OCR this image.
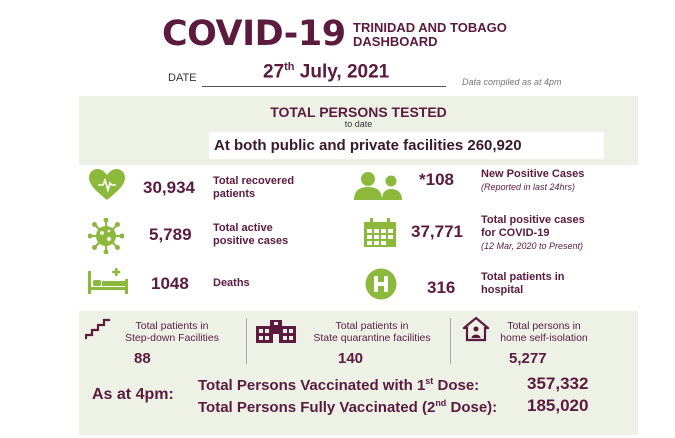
COVID-19 TRINIDAD AND TOBAGO
DASHBOARD
DATE	27th July, 2021	Data compiled as at 4pm
TOTAL PERSONS TESTED
to date
At both public and private facilities 260,920
30,934 Total recovered
patients
5,789 Total active
positive cases
1048 Deaths
*108 New Positive Cases
(Reported in last 24hrs)
37,771
Total positive cases
for COVID-19
(12 Mar, 2020 to Present)
316
Total patients in
hospital
Total patients in
Step-down Facilities
88
Total patients in
State quarantine facilities
140
Total persons in
home self-isolation
5,277
As at 4pm:
Total Persons Vaccinated with 1st Dose:	357,332
Total Persons Fully Vaccinated (2nd Dose): 185,020
